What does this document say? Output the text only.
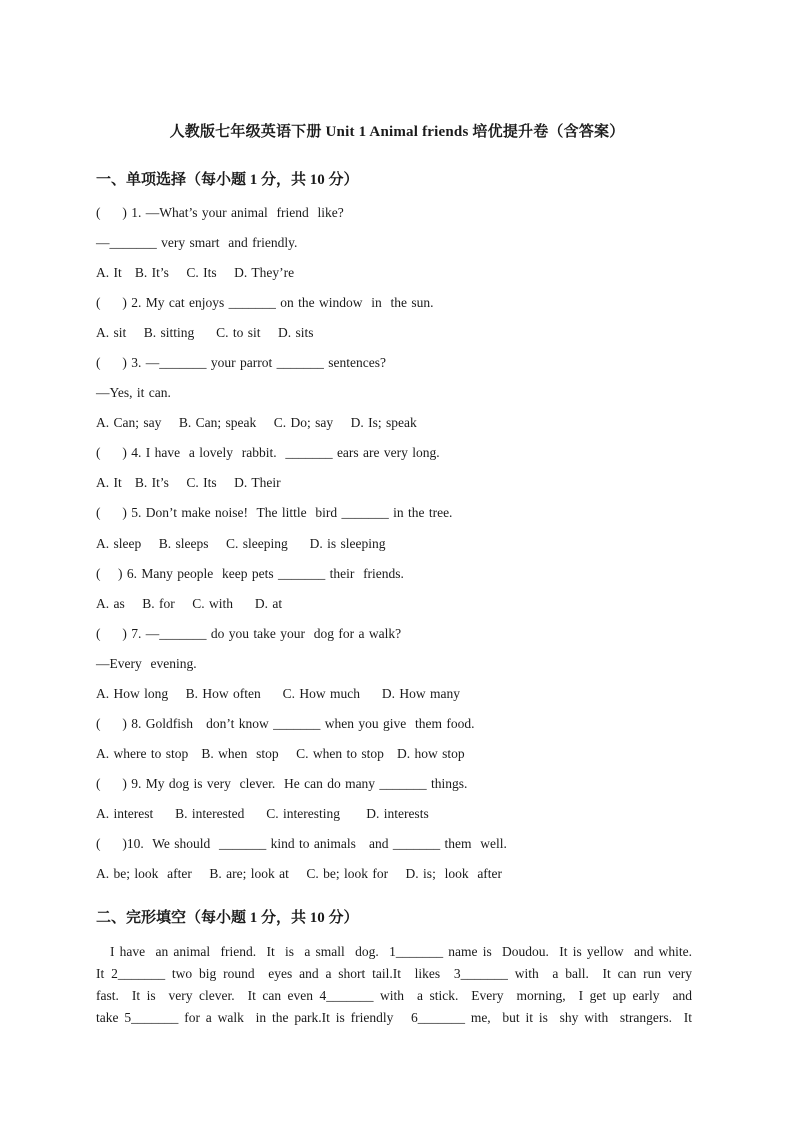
人教版七年级英语下册 Unit 1 Animal friends 培优提升卷（含答案）
一、单项选择（每小题 1 分，共 10 分）
(     ) 1. —What’s your animal  friend  like?
—_______ very smart  and friendly.
A. It   B. It’s    C. Its    D. They’re
(     ) 2. My cat enjoys _______ on the window  in  the sun.
A. sit    B. sitting     C. to sit    D. sits
(     ) 3. —_______ your parrot _______ sentences?
—Yes, it can.
A. Can; say    B. Can; speak    C. Do; say    D. Is; speak
(     ) 4. I have  a lovely  rabbit.  _______ ears are very long.
A. It   B. It’s    C. Its    D. Their
(     ) 5. Don’t make noise!  The little  bird _______ in the tree.
A. sleep    B. sleeps    C. sleeping     D. is sleeping
(    ) 6. Many people  keep pets _______ their  friends.
A. as    B. for    C. with     D. at
(     ) 7. —_______ do you take your  dog for a walk?
—Every  evening.
A. How long    B. How often     C. How much     D. How many
(     ) 8. Goldfish   don’t know _______ when you give  them food.
A. where to stop   B. when  stop    C. when to stop   D. how stop
(     ) 9. My dog is very  clever.  He can do many _______ things.
A. interest     B. interested     C. interesting      D. interests
(     )10.  We should  _______ kind to animals   and _______ them  well.
A. be; look  after    B. are; look at    C. be; look for    D. is;  look  after
二、完形填空（每小题 1 分，共 10 分）
I have  an animal  friend.  It  is  a small  dog.  1_______ name is  Doudou.  It is yellow  and white.
It 2_______ two big round  eyes and a short tail.It  likes  3_______ with  a ball.  It can run very
fast.  It is  very clever.  It can even 4_______ with  a stick.  Every  morning,  I get up early  and
take 5_______ for a walk  in the park.It is friendly   6_______ me,  but it is  shy with  strangers.  It
